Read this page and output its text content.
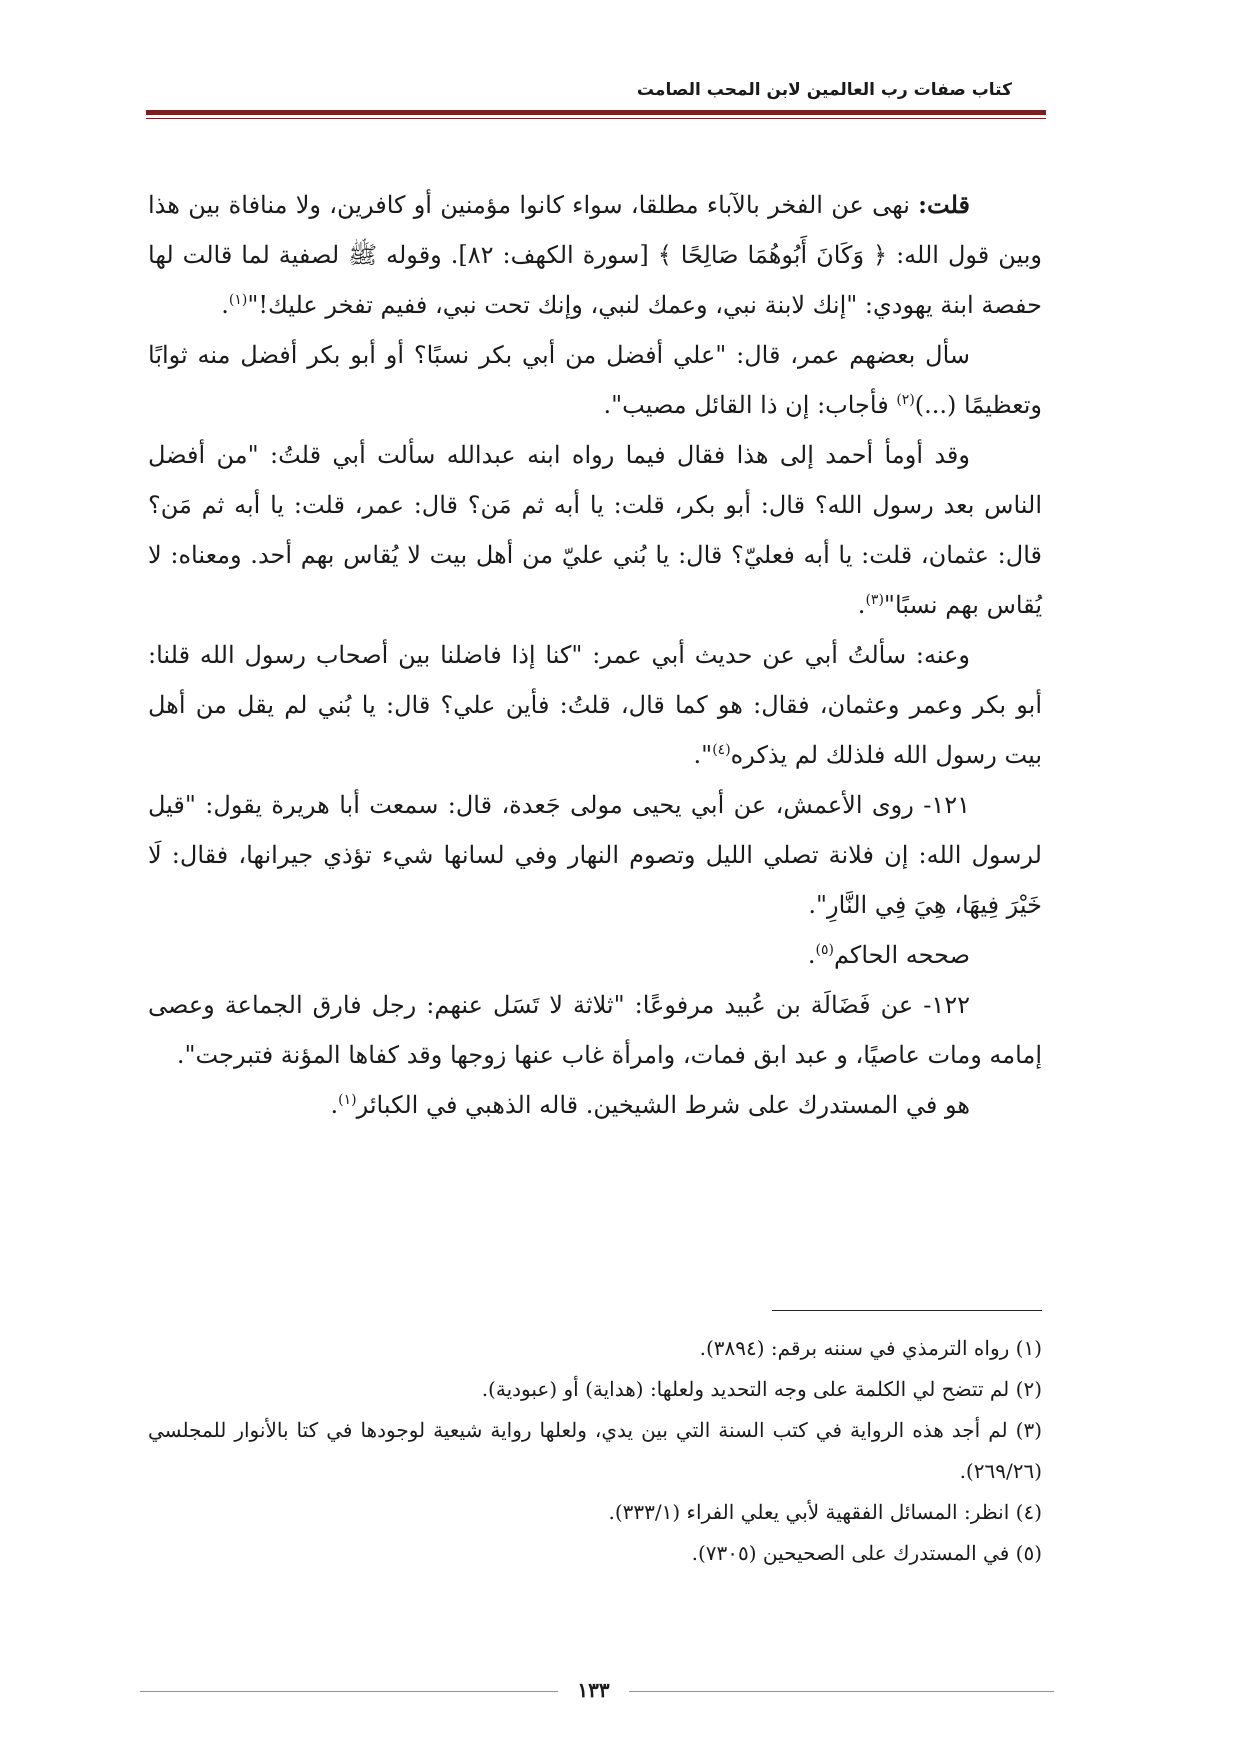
كتاب صفات رب العالمين لابن المحب الصامت

قلت: نهى عن الفخر بالآباء مطلقا، سواء كانوا مؤمنين أو كافرين، ولا منافاة بين هذا وبين قول الله: ﴿ وَكَانَ أَبُوهُمَا صَالِحًا ﴾ [سورة الكهف: ٨٢]. وقوله ﷺ لصفية لما قالت لها حفصة ابنة يهودي: "إنك لابنة نبي، وعمك لنبي، وإنك تحت نبي، ففيم تفخر عليك!"$^{(١)}$.

سأل بعضهم عمر، قال: "علي أفضل من أبي بكر نسبًا؟ أو أبو بكر أفضل منه ثوابًا وتعظيمًا (...)$^{(٢)}$ فأجاب: إن ذا القائل مصيب".

وقد أومأ أحمد إلى هذا فقال فيما رواه ابنه عبدالله سألت أبي قلتُ: "من أفضل الناس بعد رسول الله؟ قال: أبو بكر، قلت: يا أبه ثم مَن؟ قال: عمر، قلت: يا أبه ثم مَن؟ قال: عثمان، قلت: يا أبه فعليّ؟ قال: يا بُني عليّ من أهل بيت لا يُقاس بهم أحد. ومعناه: لا يُقاس بهم نسبًا"$^{(٣)}$.

وعنه: سألتُ أبي عن حديث أبي عمر: "كنا إذا فاضلنا بين أصحاب رسول الله قلنا: أبو بكر وعمر وعثمان، فقال: هو كما قال، قلتُ: فأين علي؟ قال: يا بُني لم يقل من أهل بيت رسول الله فلذلك لم يذكره$^{(٤)}$".

١٢١- روى الأعمش، عن أبي يحيى مولى جَعدة، قال: سمعت أبا هريرة يقول: "قيل لرسول الله: إن فلانة تصلي الليل وتصوم النهار وفي لسانها شيء تؤذي جيرانها، فقال: لَا خَيْرَ فِيهَا، هِيَ فِي النَّارِ".

صححه الحاكم$^{(٥)}$.

١٢٢- عن فَضَالَة بن عُبيد مرفوعًا: "ثلاثة لا تَسَل عنهم: رجل فارق الجماعة وعصى إمامه ومات عاصيًا، و عبد ابق فمات، وامرأة غاب عنها زوجها وقد كفاها المؤنة فتبرجت".

هو في المستدرك على شرط الشيخين. قاله الذهبي في الكبائر$^{(١)}$.

(١) رواه الترمذي في سننه برقم: (٣٨٩٤).

(٢) لم تتضح لي الكلمة على وجه التحديد ولعلها: (هداية) أو (عبودية).

(٣) لم أجد هذه الرواية في كتب السنة التي بين يدي، ولعلها رواية شيعية لوجودها في كتا بالأنوار للمجلسي (٢٦٩/٢٦).

(٤) انظر: المسائل الفقهية لأبي يعلي الفراء (٣٣٣/١).

(٥) في المستدرك على الصحيحين (٧٣٠٥).

١٣٣
